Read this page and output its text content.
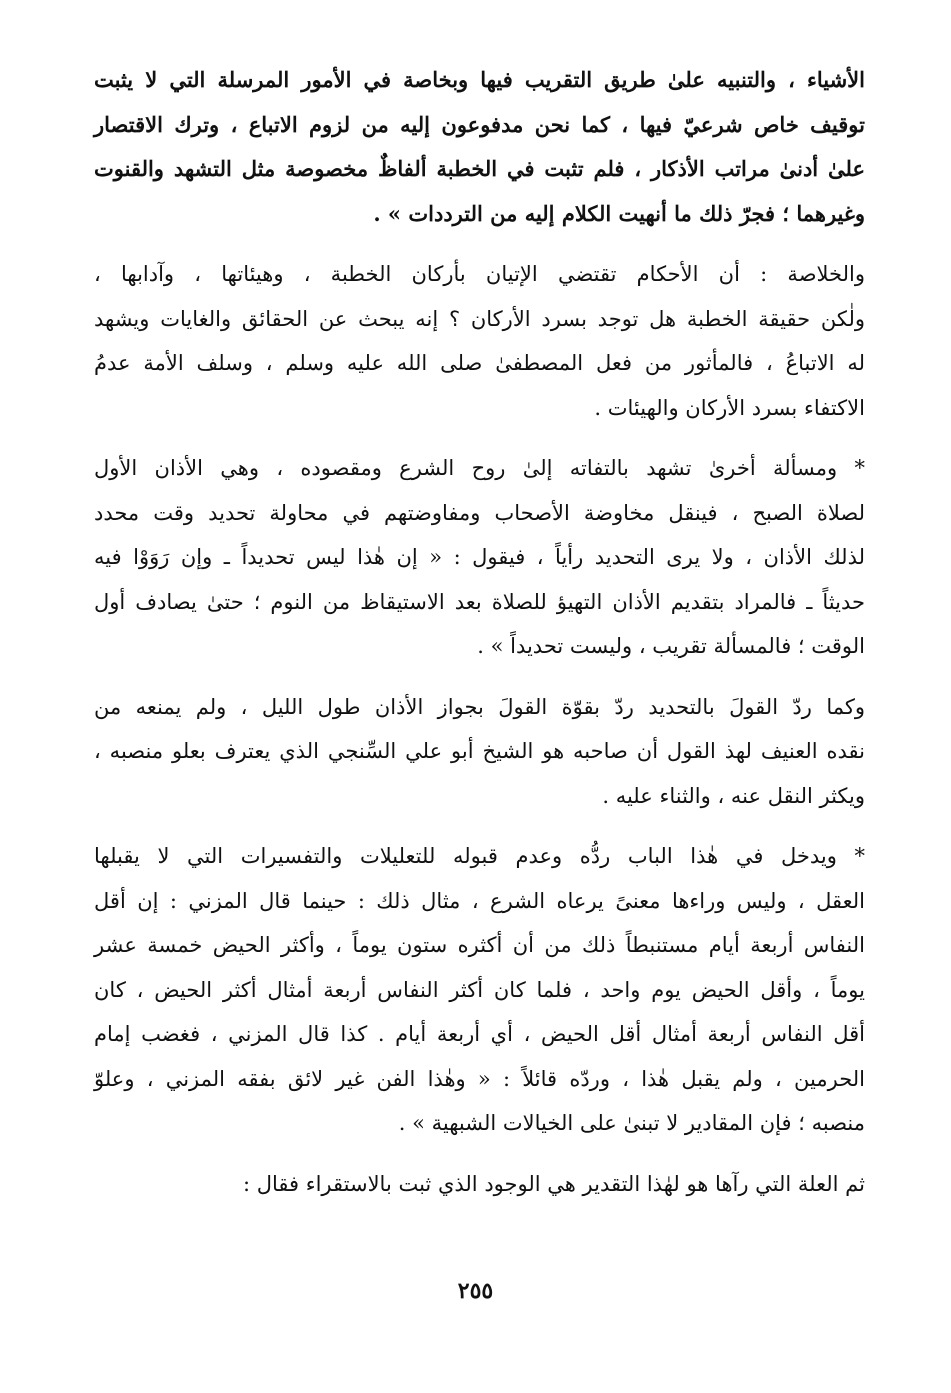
الأشياء ، والتنبيه علىٰ طريق التقريب فيها وبخاصة في الأمور المرسلة التي لا يثبت
توقيف خاص شرعيّ فيها ، كما نحن مدفوعون إليه من لزوم الاتباع ، وترك الاقتصار
علىٰ أدنىٰ مراتب الأذكار ، فلم تثبت في الخطبة ألفاظٌ مخصوصة مثل التشهد والقنوت
وغيرهما ؛ فجرّ ذلك ما أنهيت الكلام إليه من الترددات » .

والخلاصة : أن الأحكام تقتضي الإتيان بأركان الخطبة ، وهيئاتها ، وآدابها ،
ولٰكن حقيقة الخطبة هل توجد بسرد الأركان ؟ إنه يبحث عن الحقائق والغايات ويشهد
له الاتباعُ ، فالمأثور من فعل المصطفىٰ صلى الله عليه وسلم ، وسلف الأمة عدمُ
الاكتفاء بسرد الأركان والهيئات .

* ومسألة أخرىٰ تشهد بالتفاته إلىٰ روح الشرع ومقصوده ، وهي الأذان الأول
لصلاة الصبح ، فينقل مخاوضة الأصحاب ومفاوضتهم في محاولة تحديد وقت محدد
لذلك الأذان ، ولا يرى التحديد رأياً ، فيقول : « إن هٰذا ليس تحديداً ـ وإن رَوَوْا فيه
حديثاً ـ فالمراد بتقديم الأذان التهيؤ للصلاة بعد الاستيقاظ من النوم ؛ حتىٰ يصادف أول
الوقت ؛ فالمسألة تقريب ، وليست تحديداً » .

وكما ردّ القولَ بالتحديد ردّ بقوّة القولَ بجواز الأذان طول الليل ، ولم يمنعه من
نقده العنيف لهذ القول أن صاحبه هو الشيخ أبو علي السِّنجي الذي يعترف بعلو منصبه ،
ويكثر النقل عنه ، والثناء عليه .

* ويدخل في هٰذا الباب ردُّه وعدم قبوله للتعليلات والتفسيرات التي لا يقبلها
العقل ، وليس وراءها معنىً يرعاه الشرع ، مثال ذلك : حينما قال المزني : إن أقل
النفاس أربعة أيام مستنبطاً ذلك من أن أكثره ستون يوماً ، وأكثر الحيض خمسة عشر
يوماً ، وأقل الحيض يوم واحد ، فلما كان أكثر النفاس أربعة أمثال أكثر الحيض ، كان
أقل النفاس أربعة أمثال أقل الحيض ، أي أربعة أيام . كذا قال المزني ، فغضب إمام
الحرمين ، ولم يقبل هٰذا ، وردّه قائلاً : « وهٰذا الفن غير لائق بفقه المزني ، وعلوّ
منصبه ؛ فإن المقادير لا تبنىٰ على الخيالات الشبهية » .

ثم العلة التي رآها هو لهٰذا التقدير هي الوجود الذي ثبت بالاستقراء فقال :

٢٥٥
